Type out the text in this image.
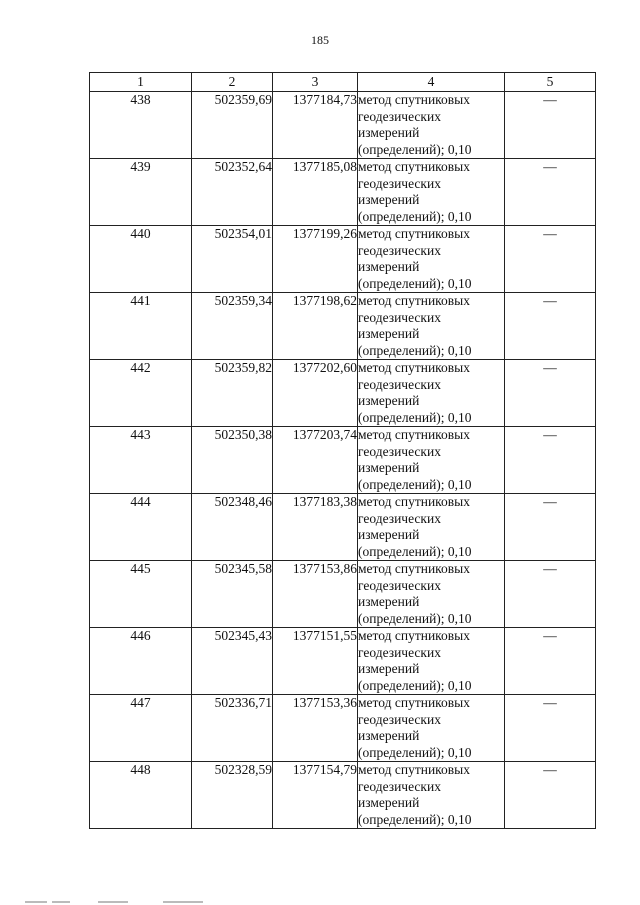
185
1	2	3	4	5
438	502359,69	1377184,73	метод спутниковых
геодезических
измерений
(определений); 0,10	—
439	502352,64	1377185,08	метод спутниковых
геодезических
измерений
(определений); 0,10	—
440	502354,01	1377199,26	метод спутниковых
геодезических
измерений
(определений); 0,10	—
441	502359,34	1377198,62	метод спутниковых
геодезических
измерений
(определений); 0,10	—
442	502359,82	1377202,60	метод спутниковых
геодезических
измерений
(определений); 0,10	—
443	502350,38	1377203,74	метод спутниковых
геодезических
измерений
(определений); 0,10	—
444	502348,46	1377183,38	метод спутниковых
геодезических
измерений
(определений); 0,10	—
445	502345,58	1377153,86	метод спутниковых
геодезических
измерений
(определений); 0,10	—
446	502345,43	1377151,55	метод спутниковых
геодезических
измерений
(определений); 0,10	—
447	502336,71	1377153,36	метод спутниковых
геодезических
измерений
(определений); 0,10	—
448	502328,59	1377154,79	метод спутниковых
геодезических
измерений
(определений); 0,10	—
